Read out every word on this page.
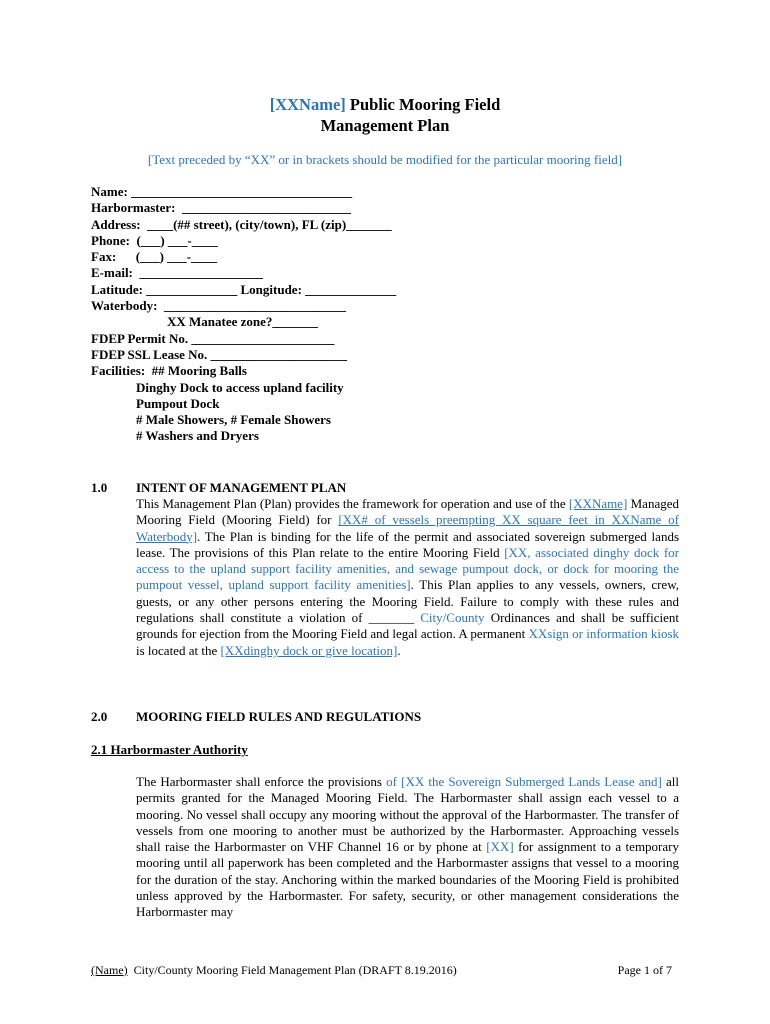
[XXName] Public Mooring Field
Management Plan
[Text preceded by “XX” or in brackets should be modified for the particular mooring field]
Name: __________________________________
Harbormaster:  __________________________
Address:  ____(## street), (city/town), FL (zip)_______
Phone:  (___) ___-____
Fax:      (___) ___-____
E-mail:  ___________________
Latitude: ______________ Longitude: ______________
Waterbody:  ____________________________
XX Manatee zone?_______
FDEP Permit No. ______________________
FDEP SSL Lease No. _____________________
Facilities:  ## Mooring Balls
Dinghy Dock to access upland facility
Pumpout Dock
# Male Showers, # Female Showers
# Washers and Dryers
1.0 INTENT OF MANAGEMENT PLAN
This Management Plan (Plan) provides the framework for operation and use of the [XXName] Managed Mooring Field (Mooring Field) for [XX# of vessels preempting XX square feet in XXName of Waterbody]. The Plan is binding for the life of the permit and associated sovereign submerged lands lease. The provisions of this Plan relate to the entire Mooring Field [XX, associated dinghy dock for access to the upland support facility amenities, and sewage pumpout dock, or dock for mooring the pumpout vessel, upland support facility amenities]. This Plan applies to any vessels, owners, crew, guests, or any other persons entering the Mooring Field. Failure to comply with these rules and regulations shall constitute a violation of _______ City/County Ordinances and shall be sufficient grounds for ejection from the Mooring Field and legal action. A permanent XXsign or information kiosk is located at the [XXdinghy dock or give location].
2.0 MOORING FIELD RULES AND REGULATIONS
2.1 Harbormaster Authority
The Harbormaster shall enforce the provisions of [XX the Sovereign Submerged Lands Lease and] all permits granted for the Managed Mooring Field. The Harbormaster shall assign each vessel to a mooring. No vessel shall occupy any mooring without the approval of the Harbormaster. The transfer of vessels from one mooring to another must be authorized by the Harbormaster. Approaching vessels shall raise the Harbormaster on VHF Channel 16 or by phone at [XX] for assignment to a temporary mooring until all paperwork has been completed and the Harbormaster assigns that vessel to a mooring for the duration of the stay. Anchoring within the marked boundaries of the Mooring Field is prohibited unless approved by the Harbormaster. For safety, security, or other management considerations the Harbormaster may
(Name)  City/County Mooring Field Management Plan (DRAFT 8.19.2016)	Page 1 of 7
